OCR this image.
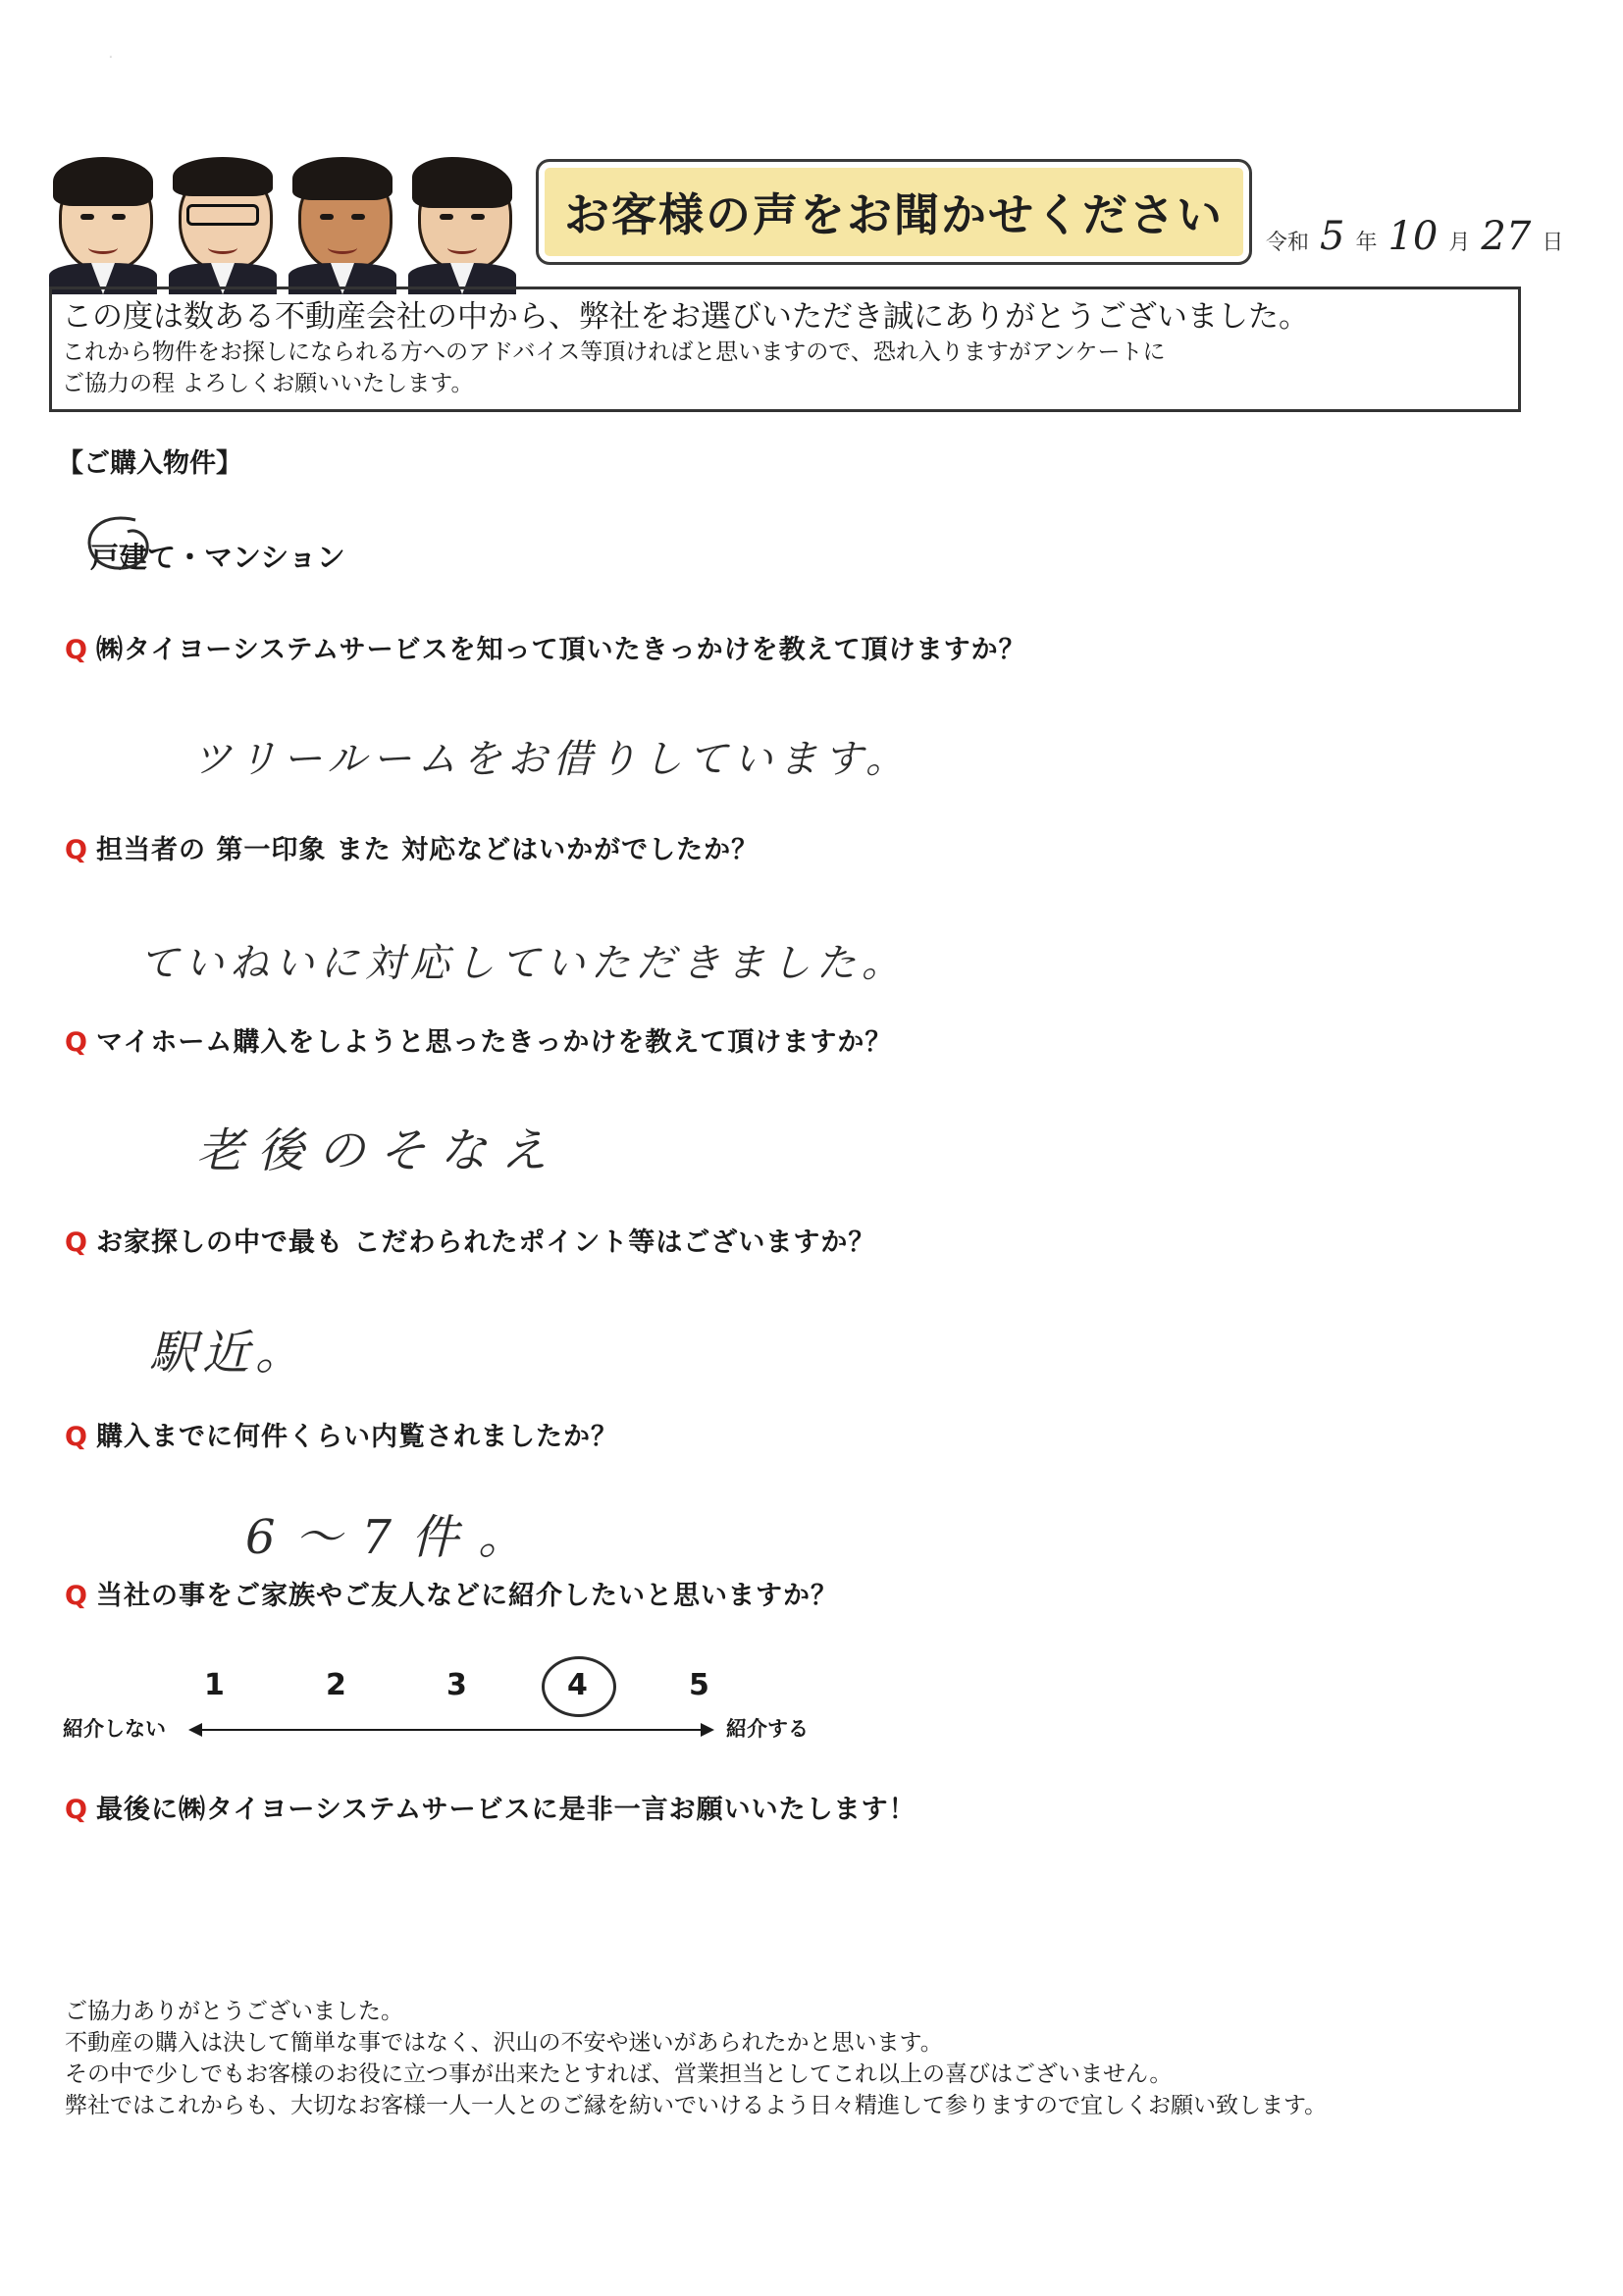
·
お客様の声をお聞かせください
令和 5 年 10 月 27 日
この度は数ある不動産会社の中から、弊社をお選びいただき誠にありがとうございました。
これから物件をお探しになられる方へのアドバイス等頂ければと思いますので、恐れ入りますがアンケートに
ご協力の程 よろしくお願いいたします。
【ご購入物件】
戸建て・マンション
Q ㈱タイヨーシステムサービスを知って頂いたきっかけを教えて頂けますか？
ツリールームをお借りしています。
Q 担当者の 第一印象 また 対応などはいかがでしたか？
ていねいに対応していただきました。
Q マイホーム購入をしようと思ったきっかけを教えて頂けますか？
老後のそなえ
Q お家探しの中で最も こだわられたポイント等はございますか？
駅近。
Q 購入までに何件くらい内覧されましたか？
6〜7件。
Q 当社の事をご家族やご友人などに紹介したいと思いますか？
1	2	3	4	5
紹介しない	紹介する
Q 最後に㈱タイヨーシステムサービスに是非一言お願いいたします！
ご協力ありがとうございました。
不動産の購入は決して簡単な事ではなく、沢山の不安や迷いがあられたかと思います。
その中で少しでもお客様のお役に立つ事が出来たとすれば、営業担当としてこれ以上の喜びはございません。
弊社ではこれからも、大切なお客様一人一人とのご縁を紡いでいけるよう日々精進して参りますので宜しくお願い致します。
